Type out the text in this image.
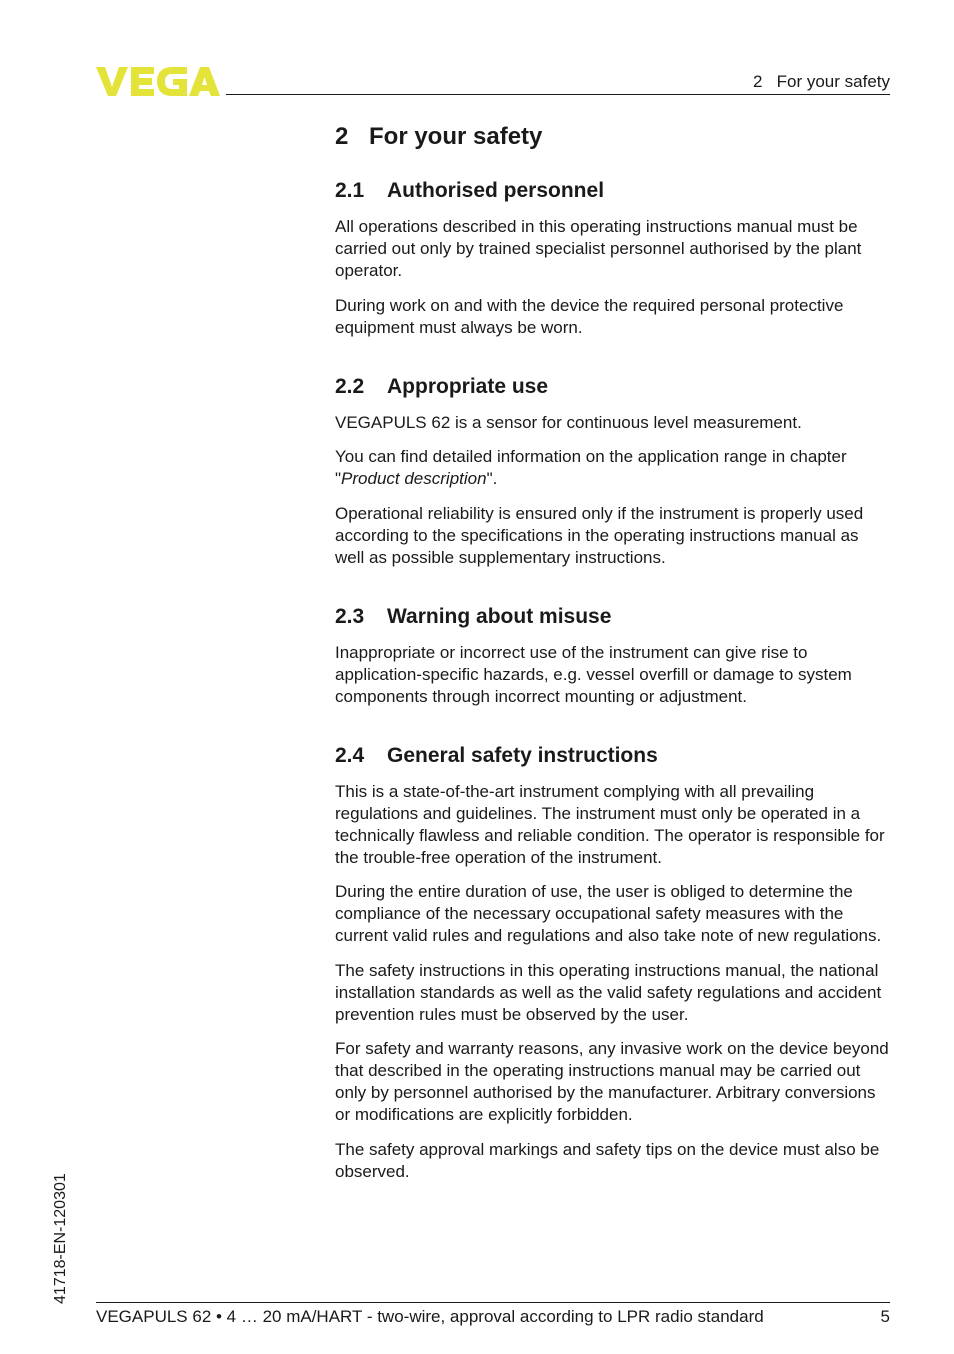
2   For your safety
2 For your safety
2.1 Authorised personnel

All operations described in this operating instructions manual must be carried out only by trained specialist personnel authorised by the plant operator.

During work on and with the device the required personal protective equipment must always be worn.

2.2 Appropriate use

VEGAPULS 62 is a sensor for continuous level measurement.

You can find detailed information on the application range in chapter "Product description".

Operational reliability is ensured only if the instrument is properly used according to the specifications in the operating instructions manual as well as possible supplementary instructions.

2.3 Warning about misuse

Inappropriate or incorrect use of the instrument can give rise to application-specific hazards, e.g. vessel overfill or damage to system components through incorrect mounting or adjustment.

2.4 General safety instructions

This is a state-of-the-art instrument complying with all prevailing regulations and guidelines. The instrument must only be operated in a technically flawless and reliable condition. The operator is responsible for the trouble-free operation of the instrument.

During the entire duration of use, the user is obliged to determine the compliance of the necessary occupational safety measures with the current valid rules and regulations and also take note of new regulations.

The safety instructions in this operating instructions manual, the national installation standards as well as the valid safety regulations and accident prevention rules must be observed by the user.

For safety and warranty reasons, any invasive work on the device beyond that described in the operating instructions manual may be carried out only by personnel authorised by the manufacturer. Arbitrary conversions or modifications are explicitly forbidden.

The safety approval markings and safety tips on the device must also be observed.

41718-EN-120301
VEGAPULS 62 • 4 … 20 mA/HART - two-wire, approval according to LPR radio standard	5
